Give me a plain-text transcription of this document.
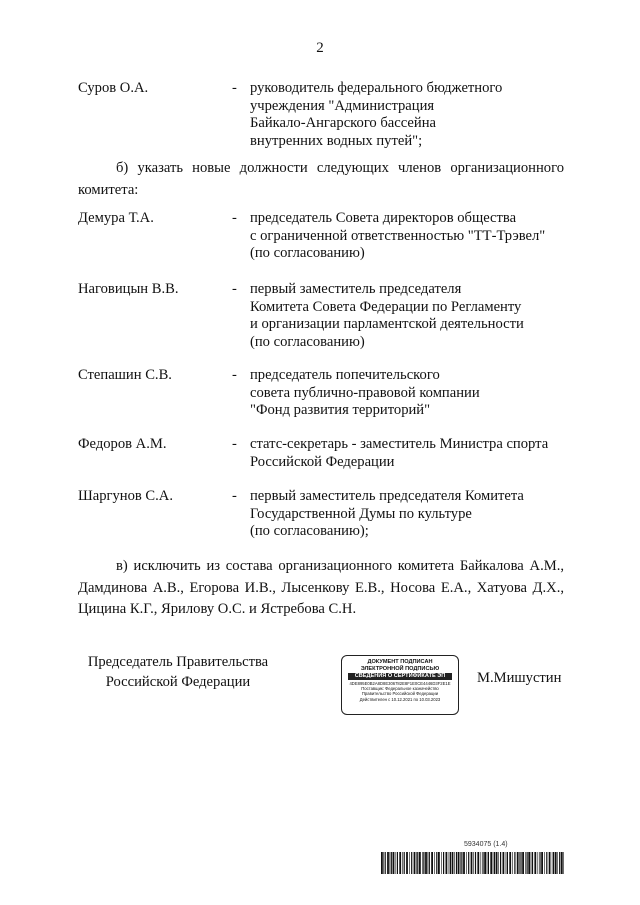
2
Суров О.А.	- руководитель федерального бюджетного
учреждения "Администрация
Байкало-Ангарского бассейна
внутренних водных путей";
б) указать новые должности следующих членов организационного комитета:
Демура Т.А.	- председатель Совета директоров общества
с ограниченной ответственностью "ТТ-Трэвел"
(по согласованию)
Наговицын В.В.	- первый заместитель председателя
Комитета Совета Федерации по Регламенту
и организации парламентской деятельности
(по согласованию)
Степашин С.В.	- председатель попечительского
совета публично-правовой компании
"Фонд развития территорий"
Федоров А.М.	- статс-секретарь - заместитель Министра спорта
Российской Федерации
Шаргунов С.А.	- первый заместитель председателя Комитета
Государственной Думы по культуре
(по согласованию);
в) исключить из состава организационного комитета Байкалова А.М., Дамдинова А.В., Егорова И.В., Лысенкову Е.В., Носова Е.А., Хатуова Д.Х., Цицина К.Г., Ярилову О.С. и Ястребова С.Н.
Председатель Правительства
Российской Федерации
ДОКУМЕНТ ПОДПИСАН
ЭЛЕКТРОННОЙ ПОДПИСЬЮ
СВЕДЕНИЯ О СЕРТИФИКАТЕ ЭП
4DE895E0B2A8D8E306782E8F1E0CE4446D3F2E1E
Поставщик: Федеральное казначейство
Правительство Российской Федерации
Действителен с 10.12.2021 по 10.03.2023
М.Мишустин
5934075 (1.4)
